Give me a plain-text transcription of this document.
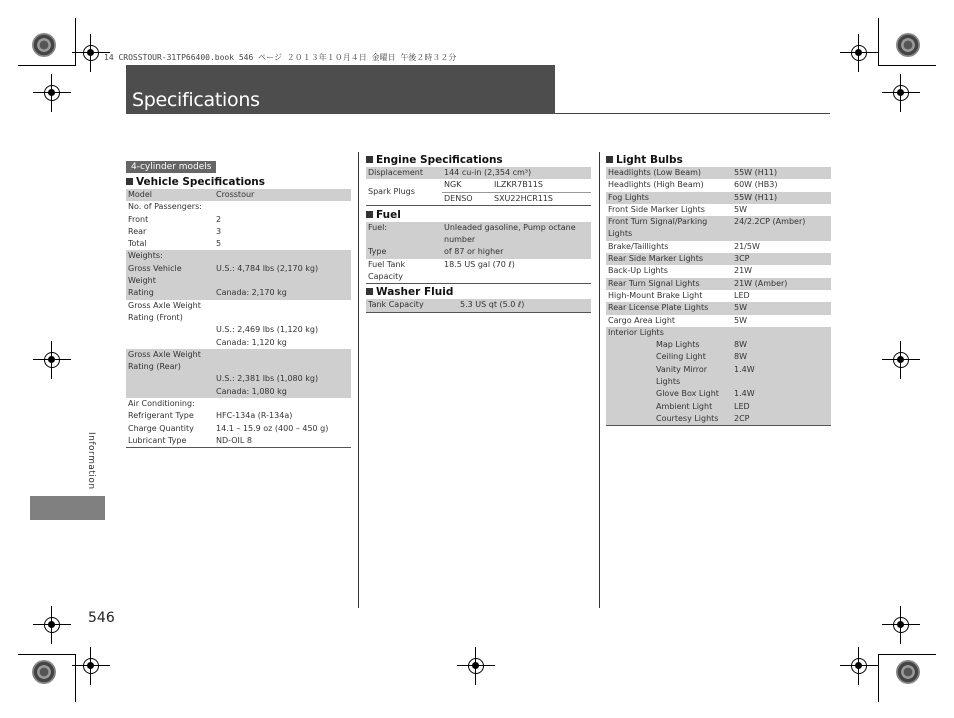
14 CROSSTOUR-31TP66400.book 546 ページ ２０１３年１０月４日 金曜日 午後２時３２分
Specifications
Information
546
4-cylinder models
Vehicle Specifications
Model	Crosstour
No. of Passengers:	
Front	2
Rear	3
Total	5
Weights:	
Gross Vehicle Weight	U.S.: 4,784 lbs (2,170 kg)
Rating	Canada: 2,170 kg
Gross Axle Weight	
Rating (Front)	
	U.S.: 2,469 lbs (1,120 kg)
	Canada: 1,120 kg
Gross Axle Weight	
Rating (Rear)	
	U.S.: 2,381 lbs (1,080 kg)
	Canada: 1,080 kg
Air Conditioning:	
Refrigerant Type	HFC-134a (R-134a)
Charge Quantity	14.1 – 15.9 oz (400 – 450 g)
Lubricant Type	ND-OIL 8
Engine Specifications
Displacement	144 cu-in (2,354 cm³)	
Spark Plugs	NGK	ILZKR7B11S
	DENSO	SXU22HCR11S
Fuel
Fuel:	Unleaded gasoline, Pump octane number
Type	of 87 or higher
Fuel Tank Capacity	18.5 US gal (70 ℓ)
Washer Fluid
Tank Capacity	5.3 US qt (5.0 ℓ)
Light Bulbs
Headlights (Low Beam)	55W (H11)
Headlights (High Beam)	60W (HB3)
Fog Lights	55W (H11)
Front Side Marker Lights	5W
Front Turn Signal/Parking Lights	24/2.2CP (Amber)
Brake/Taillights	21/5W
Rear Side Marker Lights	3CP
Back-Up Lights	21W
Rear Turn Signal Lights	21W (Amber)
High-Mount Brake Light	LED
Rear License Plate Lights	5W
Cargo Area Light	5W
Interior Lights	
Map Lights	8W
Ceiling Light	8W
Vanity Mirror Lights	1.4W
Glove Box Light	1.4W
Ambient Light	LED
Courtesy Lights	2CP
